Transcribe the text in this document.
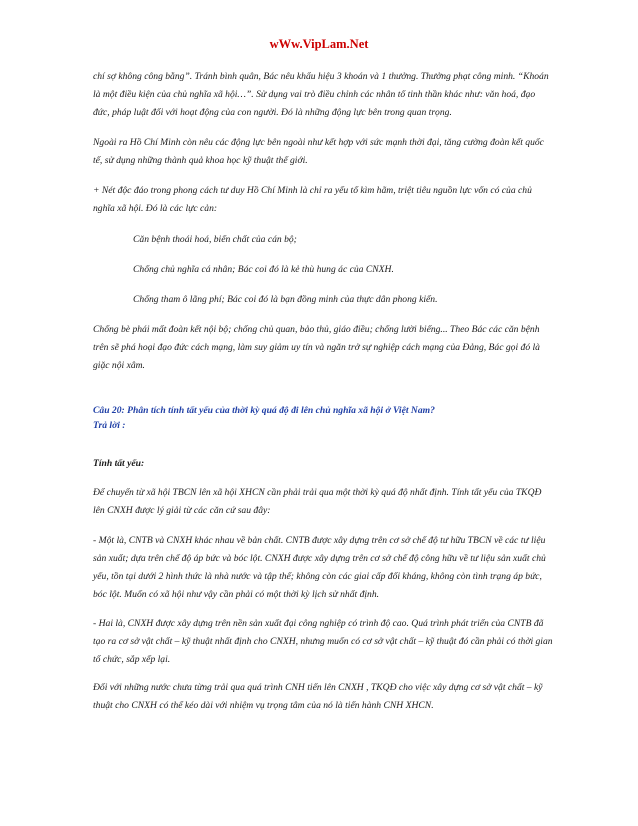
wWw.VipLam.Net
chí sợ không công bằng”. Tránh bình quân, Bác nêu khẩu hiệu 3 khoán và 1 thưởng. Thưởng phạt công minh. “Khoán là một điều kiện của chủ nghĩa xã hội…”. Sử dụng vai trò điều chỉnh các nhân tố tinh thần khác như: văn hoá, đạo đức, pháp luật đối với hoạt động của con người. Đó là những động lực bên trong quan trọng.
Ngoài ra Hồ Chí Minh còn nêu các động lực bên ngoài như kết hợp với sức mạnh thời đại, tăng cường đoàn kết quốc tế, sử dụng những thành quả khoa học kỹ thuật thế giới.
+ Nét độc đáo trong phong cách tư duy Hồ Chí Minh là chỉ ra yếu tố kìm hãm, triệt tiêu nguồn lực vốn có của chủ nghĩa xã hội. Đó là các lực cản:
Căn bệnh thoái hoá, biến chất của cán bộ;
Chống chủ nghĩa cá nhân; Bác coi đó là kẻ thù hung ác của CNXH.
Chống tham ô lãng phí; Bác coi đó là bạn đồng minh của thực dân phong kiến.
Chống bè phái mất đoàn kết nội bộ; chống chủ quan, bảo thủ, giáo điều; chống lười biếng... Theo Bác các căn bệnh trên sẽ phá hoại đạo đức cách mạng, làm suy giảm uy tín và ngăn trở sự nghiệp cách mạng của Đảng, Bác gọi đó là giặc nội xâm.
Câu 20: Phân tích tính tất yếu của thời kỳ quá độ đi lên chủ nghĩa xã hội ở Việt Nam?
Trả lời :
Tính tất yếu:
Để chuyển từ xã hội TBCN lên xã hội XHCN cần phải trải qua một thời kỳ quá độ nhất định. Tính tất yếu của TKQĐ lên CNXH được lý giải từ các căn cứ sau đây:
- Một là, CNTB và CNXH khác nhau về bản chất. CNTB được xây dựng trên cơ sở chế độ tư hữu TBCN về các tư liệu sản xuất; dựa trên chế độ áp bức và bóc lột. CNXH được xây dựng trên cơ sở chế độ công hữu về tư liệu sản xuất chủ yếu, tồn tại dưới 2 hình thức là nhà nước và tập thể; không còn các giai cấp đối kháng, không còn tình trạng áp bức, bóc lột. Muốn có xã hội như vậy cần phải có một thời kỳ lịch sử nhất định.
- Hai là, CNXH được xây dựng trên nền sản xuất đại công nghiệp có trình độ cao. Quá trình phát triển của CNTB đã tạo ra cơ sở vật chất – kỹ thuật nhất định cho CNXH, nhưng muốn có cơ sở vật chất – kỹ thuật đó cần phải có thời gian tổ chức, sắp xếp lại.
Đối với những nước chưa từng trải qua quá trình CNH tiến lên CNXH , TKQĐ cho việc xây dựng cơ sở vật chất – kỹ thuật cho CNXH có thể kéo dài với nhiệm vụ trọng tâm của nó là tiến hành CNH XHCN.
